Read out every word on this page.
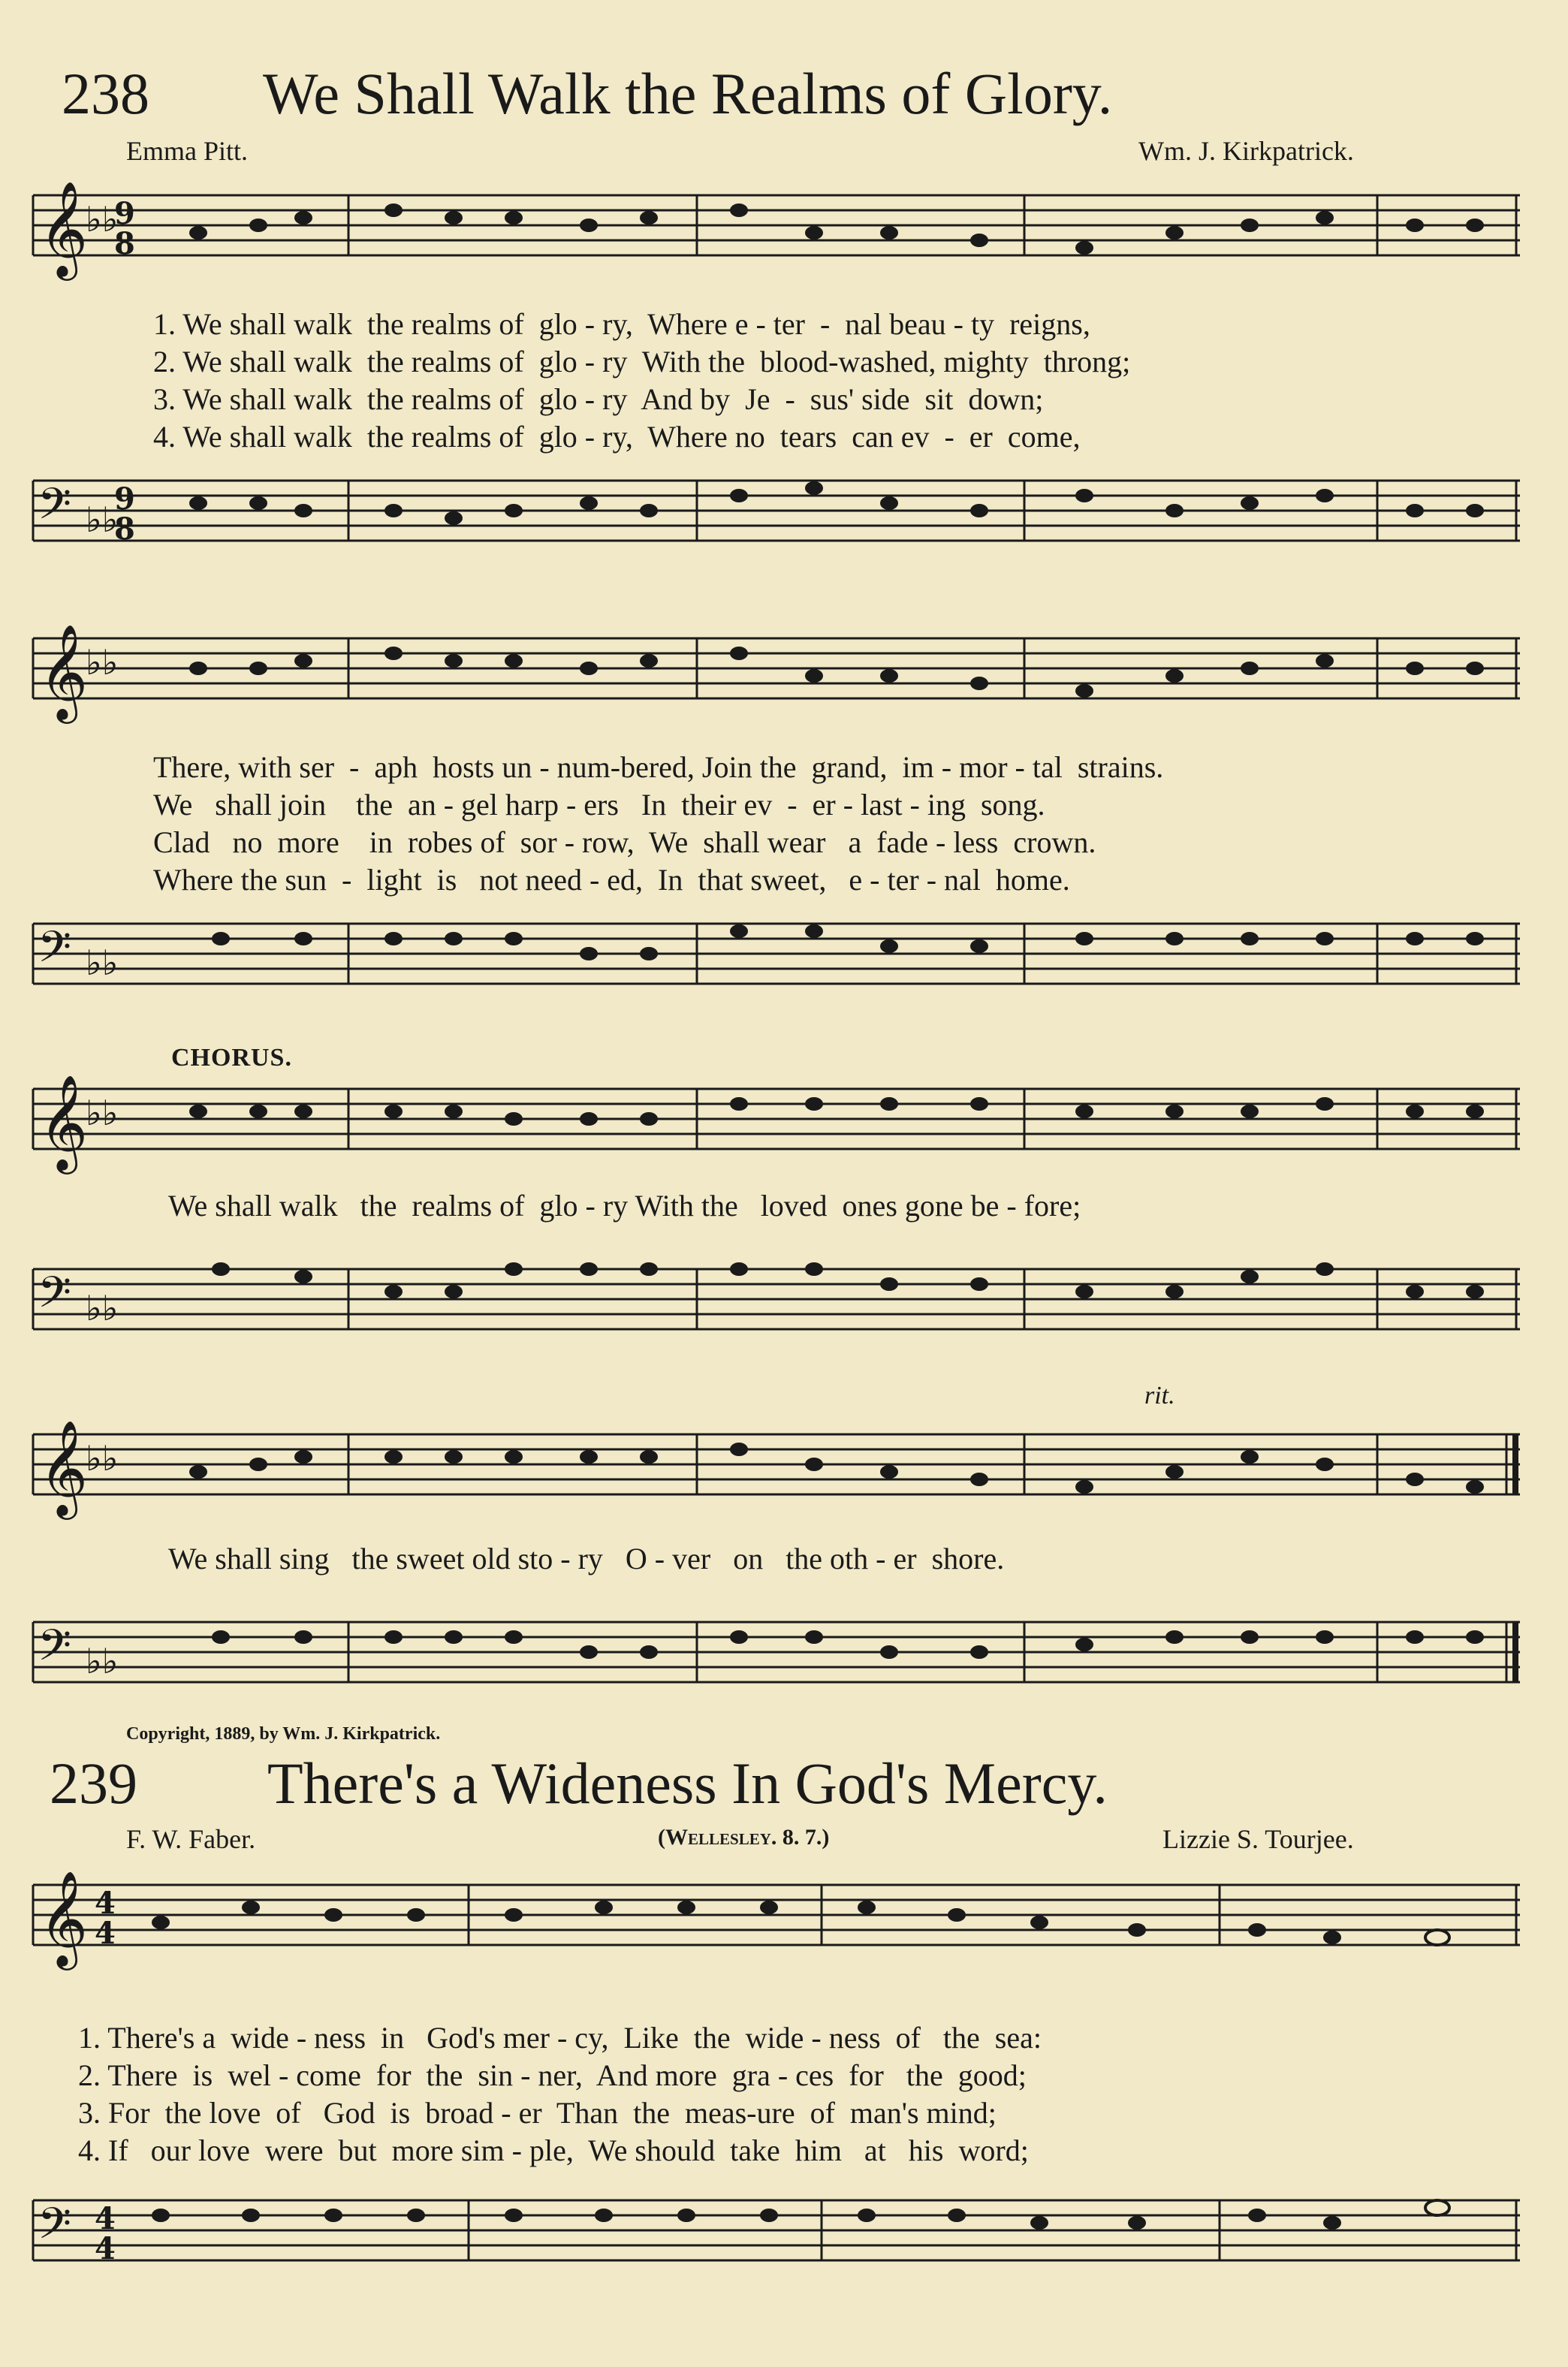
238 We Shall Walk the Realms of Glory.
Emma Pitt.	Wm. J. Kirkpatrick.
𝄞
♭♭
9
8
𝄢 ♭♭
9
8
1. We shall walk  the realms of  glo - ry,  Where e - ter  -  nal beau - ty  reigns,
2. We shall walk  the realms of  glo - ry  With the  blood-washed, mighty  throng;
3. We shall walk  the realms of  glo - ry  And by  Je  -  sus' side  sit  down;
4. We shall walk  the realms of  glo - ry,  Where no  tears  can ev  -  er  come,
𝄞
♭♭
There, with ser  -  aph  hosts un - num-bered, Join the  grand,  im - mor - tal  strains.
We   shall join    the  an - gel harp - ers   In  their ev  -  er - last - ing  song.
Clad   no  more    in  robes of  sor - row,  We  shall wear   a  fade - less  crown.
Where the sun  -  light  is   not need - ed,  In  that sweet,   e - ter - nal  home.
𝄢 ♭♭
CHORUS.
𝄞
♭♭
We shall walk   the  realms of  glo - ry With the   loved  ones gone be - fore;
𝄢 ♭♭
rit.
𝄞
♭♭
We shall sing   the sweet old sto - ry   O - ver   on   the oth - er  shore.
𝄢 ♭♭
Copyright, 1889, by Wm. J. Kirkpatrick.
239 There's a Wideness In God's Mercy.
F. W. Faber.	(Wellesley. 8. 7.)	Lizzie S. Tourjee.
𝄞 4
4
1. There's a  wide - ness  in   God's mer - cy,  Like  the  wide - ness  of   the  sea:
2. There  is  wel - come  for  the  sin - ner,  And more  gra - ces  for   the  good;
3. For  the love  of   God  is  broad - er  Than  the  meas-ure  of  man's mind;
4. If   our love  were  but  more sim - ple,  We should  take  him   at   his  word;
𝄢 4
4
